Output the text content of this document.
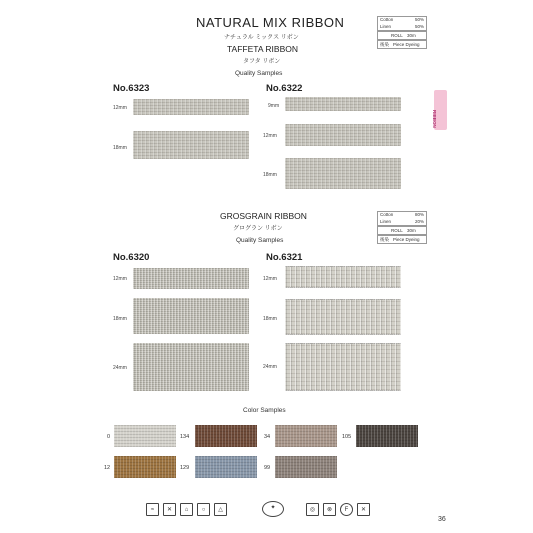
NATURAL MIX RIBBON
ナチュラル ミックス リボン
Cotton	50%
Linen	50%
ROLL 30m
後染 Piece Dyeing
RIBBON
TAFFETA RIBBON
タフタ リボン
Quality Samples
No.6323
12mm
18mm
No.6322
9mm
12mm
18mm
GROSGRAIN RIBBON
グログラン リボン
Quality Samples
Cotton	80%
Linen	20%
ROLL 30m
後染 Piece Dyeing
No.6320
12mm
18mm
24mm
No.6321
12mm
18mm
24mm
Color Samples
0	134	34	105
12	129	99
≈	✕	⌂	○	△	✦	◎	⊗	F	✕
36
